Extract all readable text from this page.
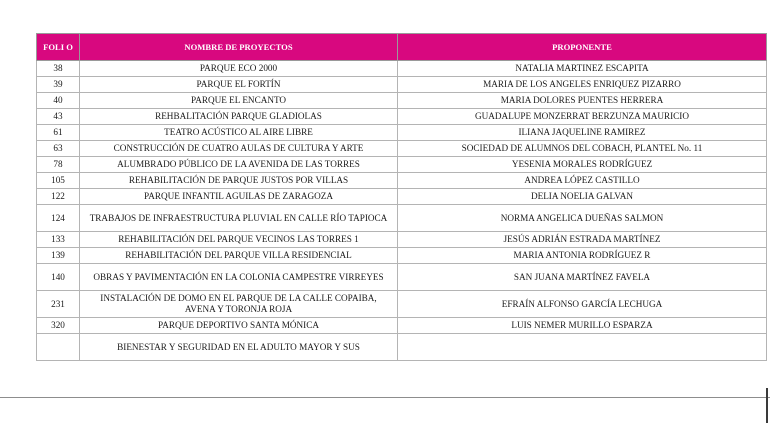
FOLI O	NOMBRE DE PROYECTOS	PROPONENTE
38	PARQUE ECO 2000	NATALIA MARTINEZ ESCAPITA
39	PARQUE EL FORTÍN	MARIA DE LOS ANGELES ENRIQUEZ PIZARRO
40	PARQUE EL ENCANTO	MARIA DOLORES PUENTES HERRERA
43	REHBALITACIÓN PARQUE GLADIOLAS	GUADALUPE MONZERRAT BERZUNZA MAURICIO
61	TEATRO ACÚSTICO AL AIRE LIBRE	ILIANA JAQUELINE RAMIREZ
63	CONSTRUCCIÓN DE CUATRO AULAS DE CULTURA Y ARTE	SOCIEDAD DE ALUMNOS DEL COBACH, PLANTEL No. 11
78	ALUMBRADO PÚBLICO DE LA AVENIDA DE LAS TORRES	YESENIA MORALES RODRÍGUEZ
105	REHABILITACIÓN DE PARQUE JUSTOS POR VILLAS	ANDREA LÓPEZ CASTILLO
122	PARQUE INFANTIL AGUILAS DE ZARAGOZA	DELIA NOELIA GALVAN
124	TRABAJOS DE INFRAESTRUCTURA PLUVIAL EN CALLE RÍO TAPIOCA	NORMA ANGELICA DUEÑAS SALMON
133	REHABILITACIÓN DEL PARQUE VECINOS LAS TORRES 1	JESÚS ADRIÁN ESTRADA MARTÍNEZ
139	REHABILITACIÓN DEL PARQUE VILLA RESIDENCIAL	MARIA ANTONIA RODRÍGUEZ R
140	OBRAS Y PAVIMENTACIÓN EN LA COLONIA CAMPESTRE VIRREYES	SAN JUANA MARTÍNEZ FAVELA
231	INSTALACIÓN DE DOMO EN EL PARQUE DE LA CALLE COPAIBA, AVENA Y TORONJA ROJA	EFRAÍN ALFONSO GARCÍA LECHUGA
320	PARQUE DEPORTIVO SANTA MÓNICA	LUIS NEMER MURILLO ESPARZA
	BIENESTAR Y SEGURIDAD EN EL ADULTO MAYOR Y SUS	
